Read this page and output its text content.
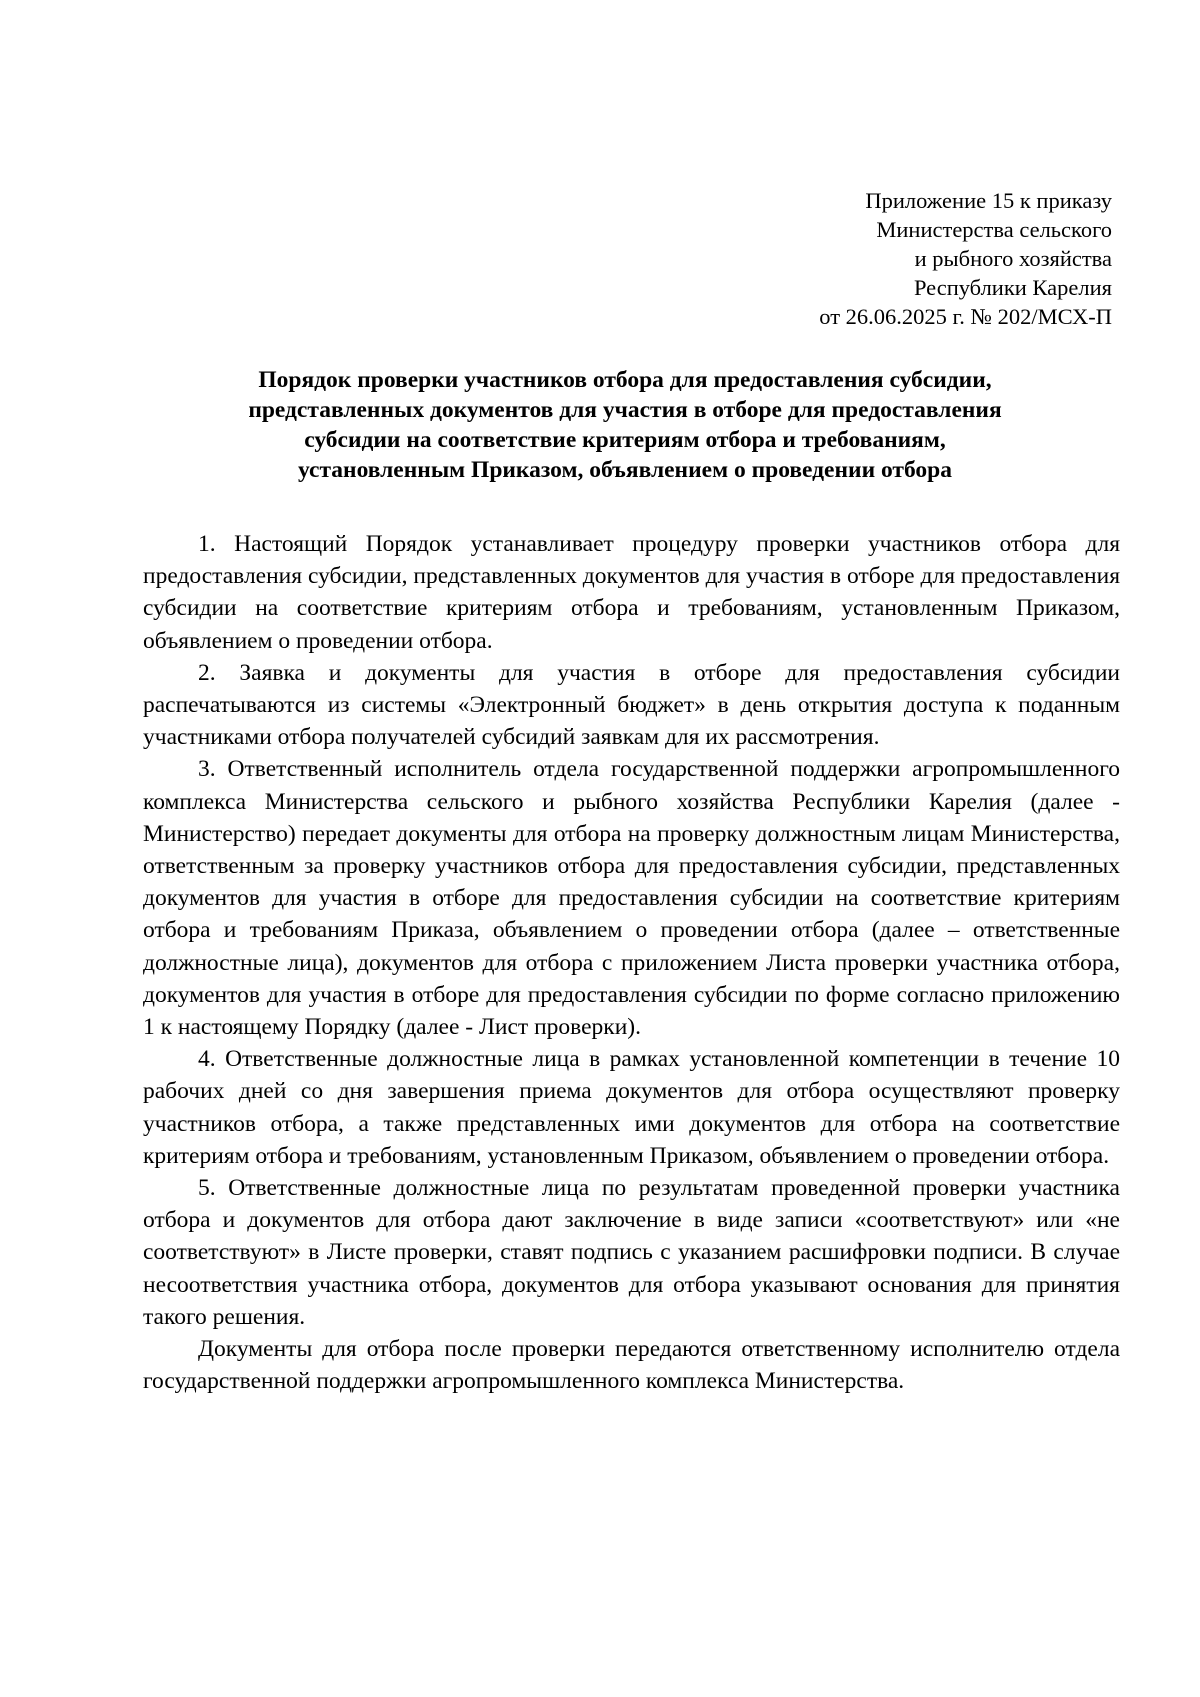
Приложение 15 к приказу
Министерства сельского
и рыбного хозяйства
Республики Карелия
от 26.06.2025 г. № 202/МСХ-П
Порядок проверки участников отбора для предоставления субсидии,
представленных документов для участия в отборе для предоставления
субсидии на соответствие критериям отбора и требованиям,
установленным Приказом, объявлением о проведении отбора

1. Настоящий Порядок устанавливает процедуру проверки участников отбора для предоставления субсидии, представленных документов для участия в отборе для предоставления субсидии на соответствие критериям отбора и требованиям, установленным Приказом, объявлением о проведении отбора.

2. Заявка и документы для участия в отборе для предоставления субсидии распечатываются из системы «Электронный бюджет» в день открытия доступа к поданным участниками отбора получателей субсидий заявкам для их рассмотрения.

3. Ответственный исполнитель отдела государственной поддержки агропромышленного комплекса Министерства сельского и рыбного хозяйства Республики Карелия (далее - Министерство) передает документы для отбора на проверку должностным лицам Министерства, ответственным за проверку участников отбора для предоставления субсидии, представленных документов для участия в отборе для предоставления субсидии на соответствие критериям отбора и требованиям Приказа, объявлением о проведении отбора (далее – ответственные должностные лица), документов для отбора с приложением Листа проверки участника отбора, документов для участия в отборе для предоставления субсидии по форме согласно приложению 1 к настоящему Порядку (далее - Лист проверки).

4. Ответственные должностные лица в рамках установленной компетенции в течение 10 рабочих дней со дня завершения приема документов для отбора осуществляют проверку участников отбора, а также представленных ими документов для отбора на соответствие критериям отбора и требованиям, установленным Приказом, объявлением о проведении отбора.

5. Ответственные должностные лица по результатам проведенной проверки участника отбора и документов для отбора дают заключение в виде записи «соответствуют» или «не соответствуют» в Листе проверки, ставят подпись с указанием расшифровки подписи. В случае несоответствия участника отбора, документов для отбора указывают основания для принятия такого решения.

Документы для отбора после проверки передаются ответственному исполнителю отдела государственной поддержки агропромышленного комплекса Министерства.
